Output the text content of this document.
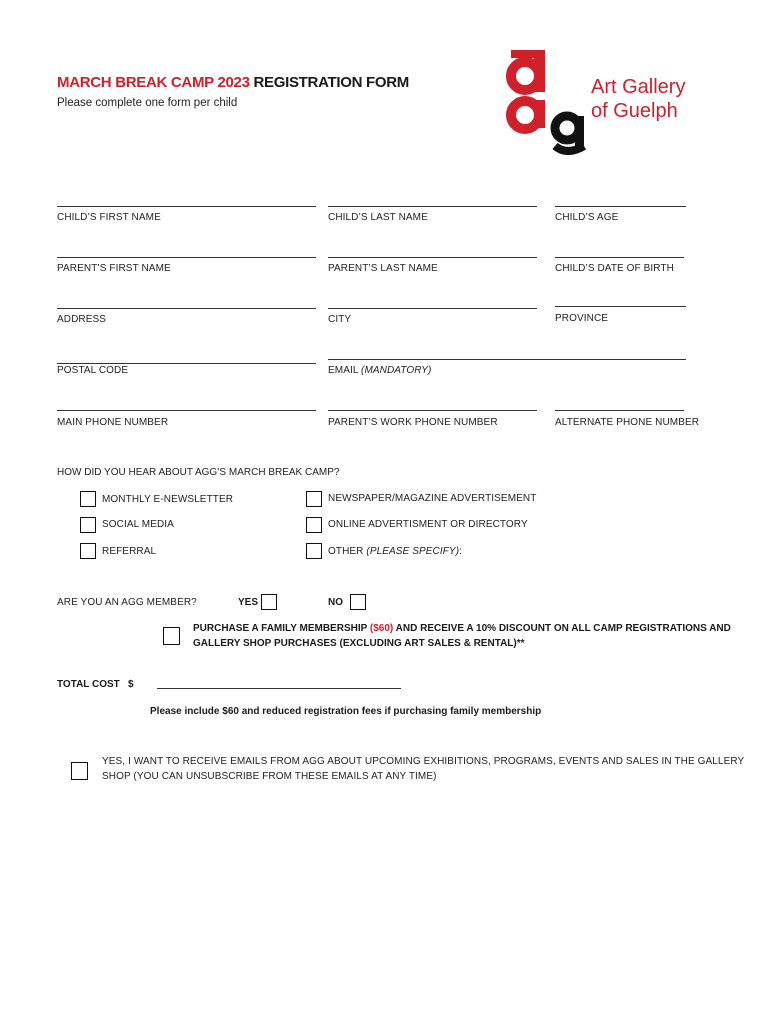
MARCH BREAK CAMP 2023 REGISTRATION FORM
Please complete one form per child
Art Gallery
of Guelph
CHILD’S FIRST NAME	CHILD’S LAST NAME	CHILD’S AGE
PARENT’S FIRST NAME	PARENT’S LAST NAME	CHILD’S DATE OF BIRTH
ADDRESS	CITY	PROVINCE
POSTAL CODE	EMAIL (MANDATORY)
MAIN PHONE NUMBER	PARENT’S WORK PHONE NUMBER	ALTERNATE PHONE NUMBER
HOW DID YOU HEAR ABOUT AGG’S MARCH BREAK CAMP?
MONTHLY E-NEWSLETTER	NEWSPAPER/MAGAZINE ADVERTISEMENT
SOCIAL MEDIA	ONLINE ADVERTISMENT OR DIRECTORY
REFERRAL	OTHER (PLEASE SPECIFY):
ARE YOU AN AGG MEMBER?	YES	NO
PURCHASE A FAMILY MEMBERSHIP ($60) AND RECEIVE A 10% DISCOUNT ON ALL CAMP REGISTRATIONS AND
GALLERY SHOP PURCHASES (EXCLUDING ART SALES & RENTAL)**
TOTAL COST $
Please include $60 and reduced registration fees if purchasing family membership
YES, I WANT TO RECEIVE EMAILS FROM AGG ABOUT UPCOMING EXHIBITIONS, PROGRAMS, EVENTS AND SALES IN THE GALLERY
SHOP (YOU CAN UNSUBSCRIBE FROM THESE EMAILS AT ANY TIME)
